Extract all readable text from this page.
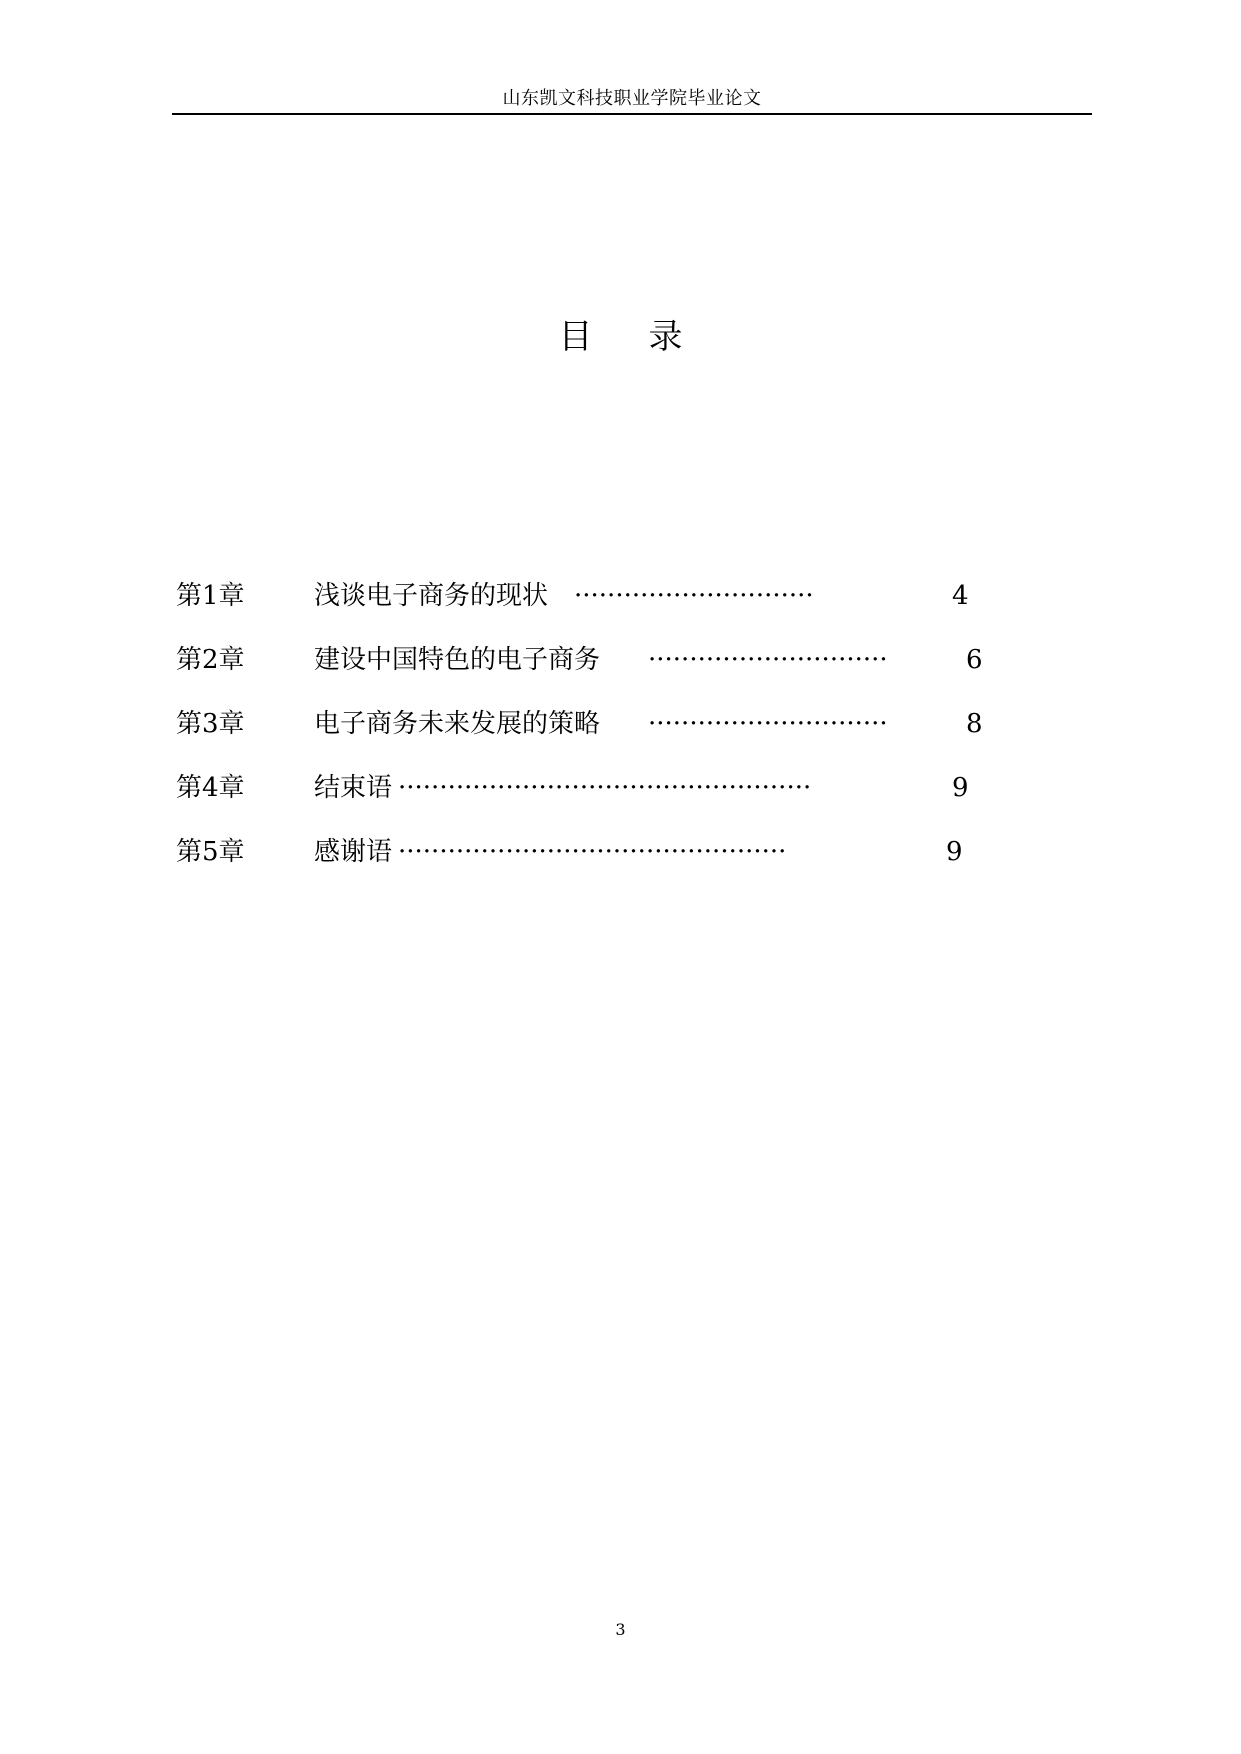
山东凯文科技职业学院毕业论文
目 录
第1章	浅谈电子商务的现状 ·····························	4
第2章	建设中国特色的电子商务 ·····························	6
第3章	电子商务未来发展的策略 ·····························	8
第4章	结束语 ··················································	9
第5章	感谢语 ···············································	9
3
